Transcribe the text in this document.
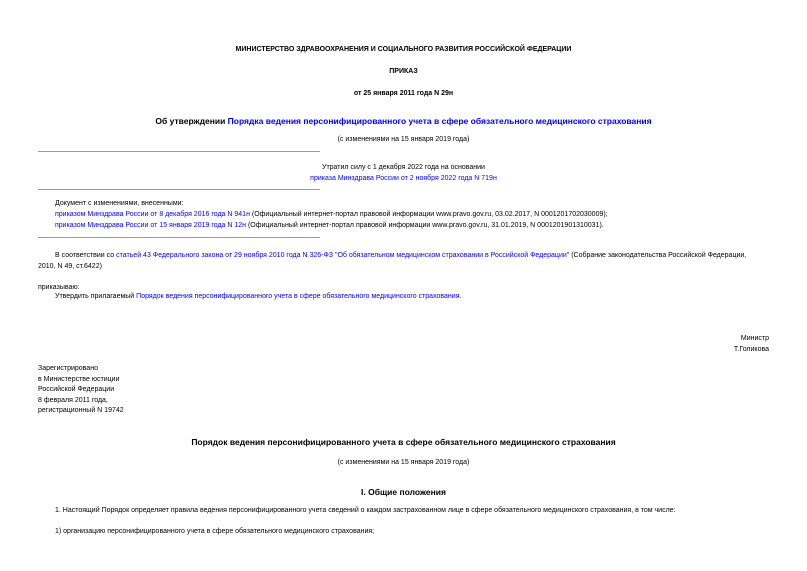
МИНИСТЕРСТВО ЗДРАВООХРАНЕНИЯ И СОЦИАЛЬНОГО РАЗВИТИЯ РОССИЙСКОЙ ФЕДЕРАЦИИ
ПРИКАЗ
от 25 января 2011 года N 29н
Об утверждении Порядка ведения персонифицированного учета в сфере обязательного медицинского страхования
(с изменениями на 15 января 2019 года)
Утратил силу с 1 декабря 2022 года на основании
приказа Минздрава России от 2 ноября 2022 года N 719н
Документ с изменениями, внесенными:
приказом Минздрава России от 8 декабря 2016 года N 941н (Официальный интернет-портал правовой информации www.pravo.gov.ru, 03.02.2017, N 0001201702030009);
приказом Минздрава России от 15 января 2019 года N 12н (Официальный интернет-портал правовой информации www.pravo.gov.ru, 31.01.2019, N 0001201901310031).
В соответствии со статьей 43 Федерального закона от 29 ноября 2010 года N 326-ФЗ "Об обязательном медицинском страховании в Российской Федерации" (Собрание законодательства Российской Федерации,
2010, N 49, ст.6422)
приказываю:
Утвердить прилагаемый Порядок ведения персонифицированного учета в сфере обязательного медицинского страхования.
Министр
Т.Голикова
Зарегистрировано
в Министерстве юстиции
Российской Федерации
8 февраля 2011 года,
регистрационный N 19742
Порядок ведения персонифицированного учета в сфере обязательного медицинского страхования
(с изменениями на 15 января 2019 года)
I. Общие положения
1. Настоящий Порядок определяет правила ведения персонифицированного учета сведений о каждом застрахованном лице в сфере обязательного медицинского страхования, в том числе:
1) организацию персонифицированного учета в сфере обязательного медицинского страхования;
